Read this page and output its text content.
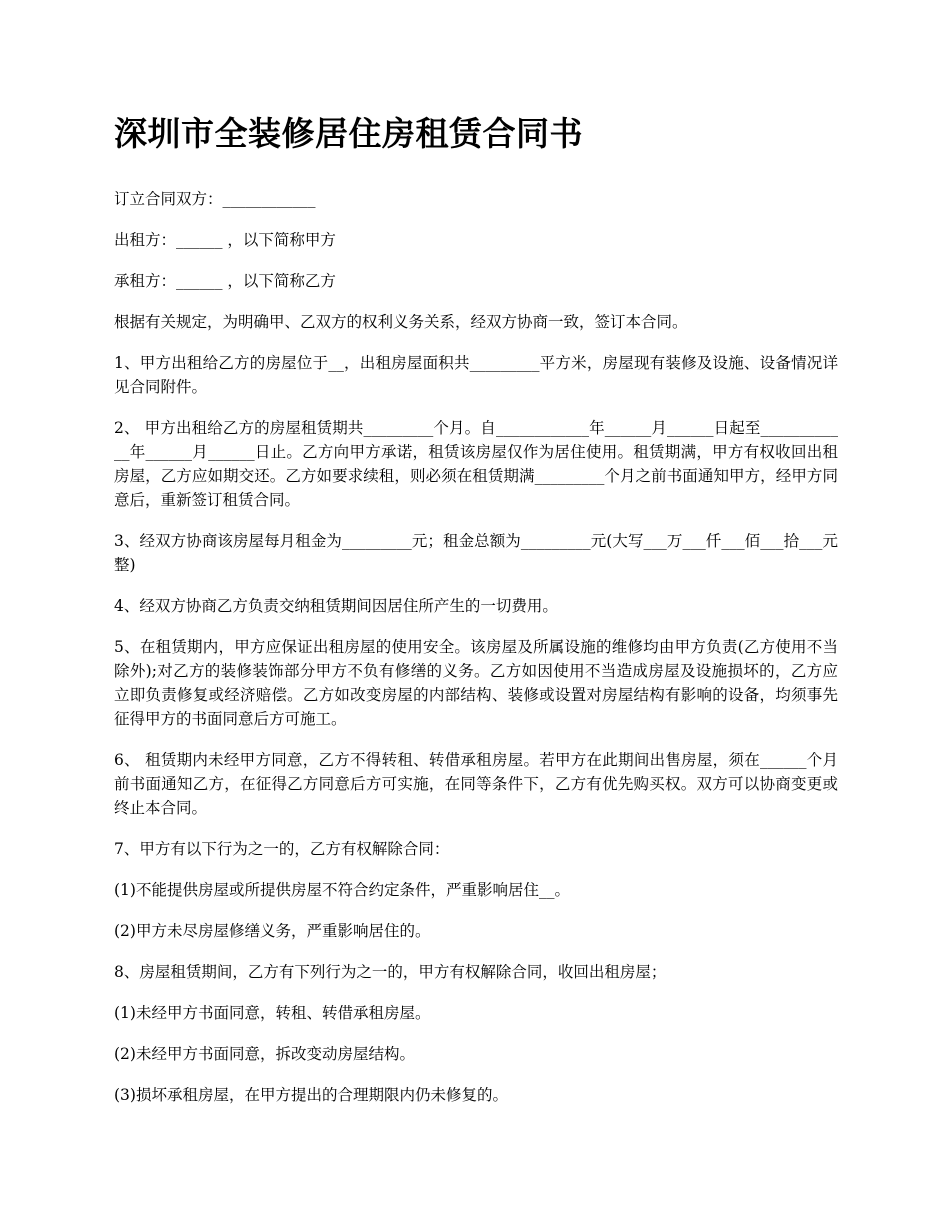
深圳市全装修居住房租赁合同书

订立合同双方：____________

出租方：______ ，以下简称甲方

承租方：______ ，以下简称乙方

根据有关规定，为明确甲、乙双方的权利义务关系，经双方协商一致，签订本合同。

1、甲方出租给乙方的房屋位于__，出租房屋面积共_________平方米，房屋现有装修及设施、设备情况详见合同附件。

2、 甲方出租给乙方的房屋租赁期共_________个月。自____________年______月______日起至____________年______月______日止。乙方向甲方承诺，租赁该房屋仅作为居住使用。租赁期满，甲方有权收回出租房屋，乙方应如期交还。乙方如要求续租，则必须在租赁期满_________个月之前书面通知甲方，经甲方同意后，重新签订租赁合同。

3、经双方协商该房屋每月租金为_________元；租金总额为_________元(大写___万___仟___佰___拾___元整)

4、经双方协商乙方负责交纳租赁期间因居住所产生的一切费用。

5、在租赁期内，甲方应保证出租房屋的使用安全。该房屋及所属设施的维修均由甲方负责(乙方使用不当除外);对乙方的装修装饰部分甲方不负有修缮的义务。乙方如因使用不当造成房屋及设施损坏的，乙方应立即负责修复或经济赔偿。乙方如改变房屋的内部结构、装修或设置对房屋结构有影响的设备，均须事先征得甲方的书面同意后方可施工。

6、 租赁期内未经甲方同意，乙方不得转租、转借承租房屋。若甲方在此期间出售房屋，须在______个月前书面通知乙方，在征得乙方同意后方可实施，在同等条件下，乙方有优先购买权。双方可以协商变更或终止本合同。

7、甲方有以下行为之一的，乙方有权解除合同：

(1)不能提供房屋或所提供房屋不符合约定条件，严重影响居住__。

(2)甲方未尽房屋修缮义务，严重影响居住的。

8、房屋租赁期间，乙方有下列行为之一的，甲方有权解除合同，收回出租房屋；

(1)未经甲方书面同意，转租、转借承租房屋。

(2)未经甲方书面同意，拆改变动房屋结构。

(3)损坏承租房屋，在甲方提出的合理期限内仍未修复的。
